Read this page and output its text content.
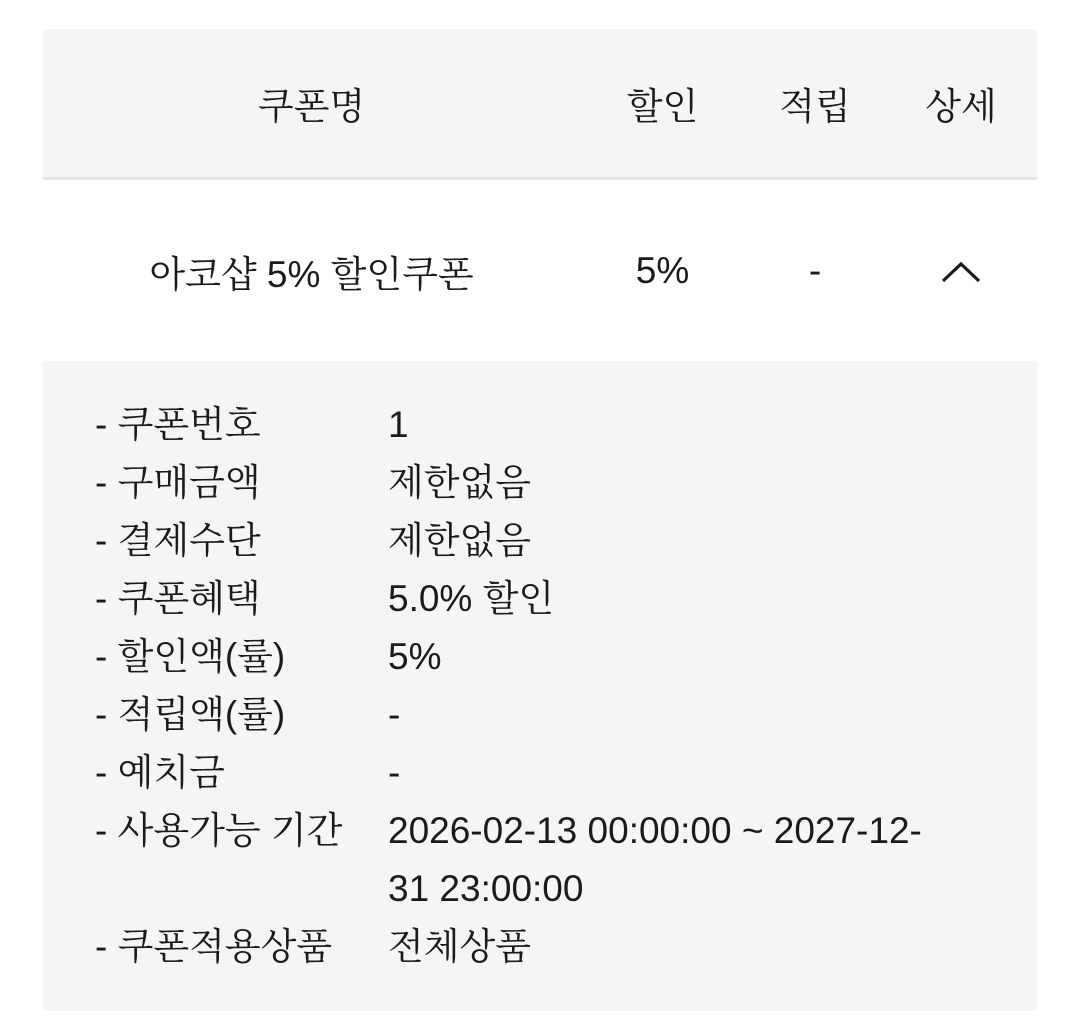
쿠폰명	할인	적립	상세
아코샵 5% 할인쿠폰	5%	-
- 쿠폰번호	1
- 구매금액	제한없음
- 결제수단	제한없음
- 쿠폰혜택	5.0% 할인
- 할인액(률)	5%
- 적립액(률)	-
- 예치금	-
- 사용가능 기간	2026-02-13 00:00:00 ~ 2027-12-31 23:00:00
- 쿠폰적용상품	전체상품
